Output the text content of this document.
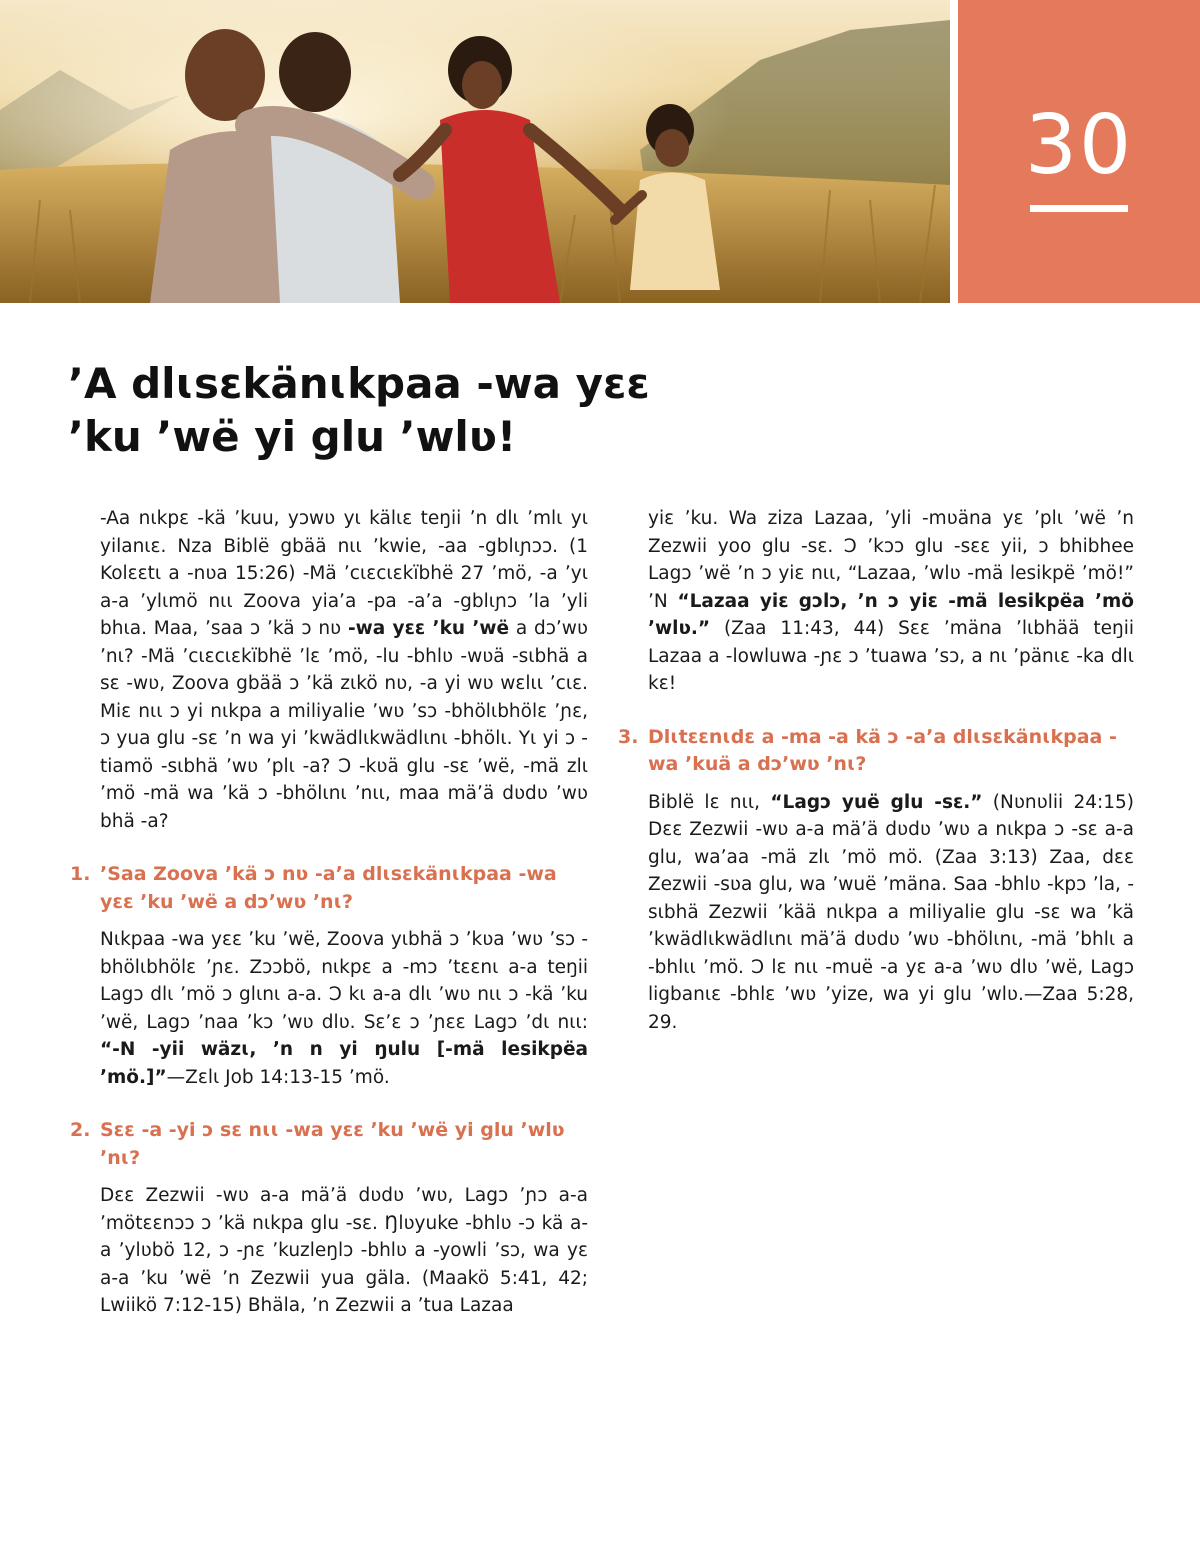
30
ʼA dlɩsɛkänɩkpaa -wa yɛɛ
ʼku ʼwë yi glu ʼwlʋ!

-Aa nɩkpɛ -kä ʼkuu, yɔwʋ yɩ kälɩɛ teŋii ʼn dlɩ ʼmlɩ yɩ yilanɩɛ. Nza Biblë gbää nɩɩ ʼkwie, -aa -gblɩɲɔɔ. (1 Kolɛɛtɩ a -nʋa 15:26) -Mä ʼcɩɛcɩɛkïbhë 27 ʼmö, -a ʼyɩ a-a ʼylɩmö nɩɩ Zoova yiaʼa -pa -aʼa -gblɩɲɔ ʼla ʼyli bhɩa. Maa, ʼsaa ɔ ʼkä ɔ nʋ -wa yɛɛ ʼku ʼwë a dɔʼwʋ ʼnɩ? -Mä ʼcɩɛcɩɛkïbhë ʼlɛ ʼmö, -lu -bhlʋ -wʋä -sɩbhä a sɛ -wʋ, Zoova gbää ɔ ʼkä zɩkö nʋ, -a yi wʋ wɛlɩɩ ʼcɩɛ. Miɛ nɩɩ ɔ yi nɩkpa a miliyalie ʼwʋ ʼsɔ -bhölɩbhölɛ ʼɲɛ, ɔ yua glu -sɛ ʼn wa yi ʼkwädlɩkwädlɩnɩ -bhölɩ. Yɩ yi ɔ -tiamö -sɩbhä ʼwʋ ʼplɩ -a? Ɔ -kʋä glu -sɛ ʼwë, -mä zlɩ ʼmö -mä wa ʼkä ɔ -bhölɩnɩ ʼnɩɩ, maa mäʼä dʋdʋ ʼwʋ bhä -a?

1. ʼSaa Zoova ʼkä ɔ nʋ -aʼa dlɩsɛkänɩkpaa -wa yɛɛ ʼku ʼwë a dɔʼwʋ ʼnɩ?

Nɩkpaa -wa yɛɛ ʼku ʼwë, Zoova yɩbhä ɔ ʼkʋa ʼwʋ ʼsɔ -bhölɩbhölɛ ʼɲɛ. Zɔɔbö, nɩkpɛ a -mɔ ʼtɛɛnɩ a-a teŋii Lagɔ dlɩ ʼmö ɔ glɩnɩ a-a. Ɔ kɩ a-a dlɩ ʼwʋ nɩɩ ɔ -kä ʼku ʼwë, Lagɔ ʼnaa ʼkɔ ʼwʋ dlʋ. Sɛʼɛ ɔ ʼɲɛɛ Lagɔ ʼdɩ nɩɩ: “-N -yii wäzɩ, ʼn n yi ŋulu [-mä lesikpëa ʼmö.]”—Zɛlɩ Job 14:13-15 ʼmö.

2. Sɛɛ -a -yi ɔ sɛ nɩɩ -wa yɛɛ ʼku ʼwë yi glu ʼwlʋ ʼnɩ?

Dɛɛ Zezwii -wʋ a-a mäʼä dʋdʋ ʼwʋ, Lagɔ ʼɲɔ a-a ʼmötɛɛnɔɔ ɔ ʼkä nɩkpa glu -sɛ. Ŋlʋyuke -bhlʋ -ɔ kä a-a ʼylʋbö 12, ɔ -ɲɛ ʼkuzleŋlɔ -bhlʋ a -yowli ʼsɔ, wa yɛ a-a ʼku ʼwë ʼn Zezwii yua gäla. (Maakö 5:41, 42; Lwiikö 7:12-15) Bhäla, ʼn Zezwii a ʼtua Lazaa

yiɛ ʼku. Wa ziza Lazaa, ʼyli -mʋäna yɛ ʼplɩ ʼwë ʼn Zezwii yoo glu -sɛ. Ɔ ʼkɔɔ glu -sɛɛ yii, ɔ bhibhee Lagɔ ʼwë ʼn ɔ yiɛ nɩɩ, “Lazaa, ʼwlʋ -mä lesikpë ʼmö!” ʼN “Lazaa yiɛ gɔlɔ, ʼn ɔ yiɛ -mä lesikpëa ʼmö ʼwlʋ.” (Zaa 11:43, 44) Sɛɛ ʼmäna ʼlɩbhää teŋii Lazaa a -lowluwa -ɲɛ ɔ ʼtuawa ʼsɔ, a nɩ ʼpänɩɛ -ka dlɩ kɛ!

3. Dlɩtɛɛnɩdɛ a -ma -a kä ɔ -aʼa dlɩsɛkänɩkpaa -wa ʼkuä a dɔʼwʋ ʼnɩ?

Biblë lɛ nɩɩ, “Lagɔ yuë glu -sɛ.” (Nʋnʋlii 24:15) Dɛɛ Zezwii -wʋ a-a mäʼä dʋdʋ ʼwʋ a nɩkpa ɔ -sɛ a-a glu, waʼaa -mä zlɩ ʼmö mö. (Zaa 3:13) Zaa, dɛɛ Zezwii -sʋa glu, wa ʼwuë ʼmäna. Saa -bhlʋ -kpɔ ʼla, -sɩbhä Zezwii ʼkää nɩkpa a miliyalie glu -sɛ wa ʼkä ʼkwädlɩkwädlɩnɩ mäʼä dʋdʋ ʼwʋ -bhölɩnɩ, -mä ʼbhlɩ a -bhlɩɩ ʼmö. Ɔ lɛ nɩɩ -muë -a yɛ a-a ʼwʋ dlʋ ʼwë, Lagɔ ligbanɩɛ -bhlɛ ʼwʋ ʼyize, wa yi glu ʼwlʋ.—Zaa 5:28, 29.
